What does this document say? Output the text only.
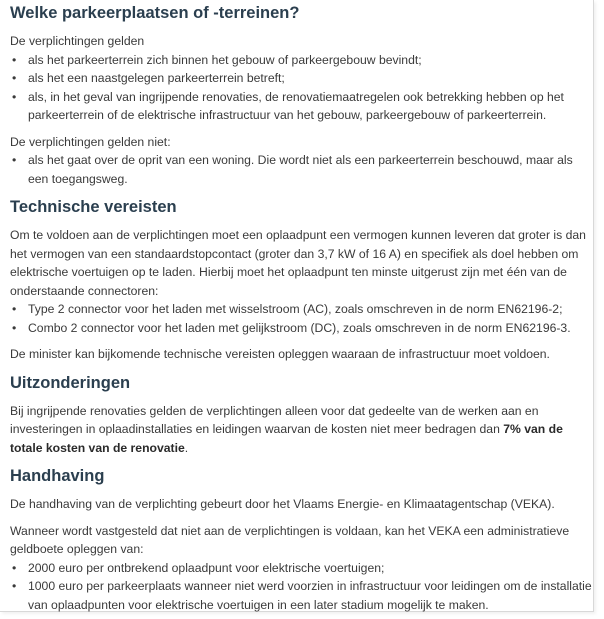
Welke parkeerplaatsen of -terreinen?

De verplichtingen gelden

• als het parkeerterrein zich binnen het gebouw of parkeergebouw bevindt;
• als het een naastgelegen parkeerterrein betreft;
• als, in het geval van ingrijpende renovaties, de renovatiemaatregelen ook betrekking hebben op het parkeerterrein of de elektrische infrastructuur van het gebouw, parkeergebouw of parkeerterrein.

De verplichtingen gelden niet:

• als het gaat over de oprit van een woning. Die wordt niet als een parkeerterrein beschouwd, maar als een toegangsweg.
Technische vereisten

Om te voldoen aan de verplichtingen moet een oplaadpunt een vermogen kunnen leveren dat groter is dan het vermogen van een standaardstopcontact (groter dan 3,7 kW of 16 A) en specifiek als doel hebben om elektrische voertuigen op te laden. Hierbij moet het oplaadpunt ten minste uitgerust zijn met één van de onderstaande connectoren:

• Type 2 connector voor het laden met wisselstroom (AC), zoals omschreven in de norm EN62196-2;
• Combo 2 connector voor het laden met gelijkstroom (DC), zoals omschreven in de norm EN62196-3.

De minister kan bijkomende technische vereisten opleggen waaraan de infrastructuur moet voldoen.

Uitzonderingen

Bij ingrijpende renovaties gelden de verplichtingen alleen voor dat gedeelte van de werken aan en investeringen in oplaadinstallaties en leidingen waarvan de kosten niet meer bedragen dan 7% van de totale kosten van de renovatie.

Handhaving

De handhaving van de verplichting gebeurt door het Vlaams Energie- en Klimaatagentschap (VEKA).

Wanneer wordt vastgesteld dat niet aan de verplichtingen is voldaan, kan het VEKA een administratieve geldboete opleggen van:

• 2000 euro per ontbrekend oplaadpunt voor elektrische voertuigen;
• 1000 euro per parkeerplaats wanneer niet werd voorzien in infrastructuur voor leidingen om de installatie van oplaadpunten voor elektrische voertuigen in een later stadium mogelijk te maken.
